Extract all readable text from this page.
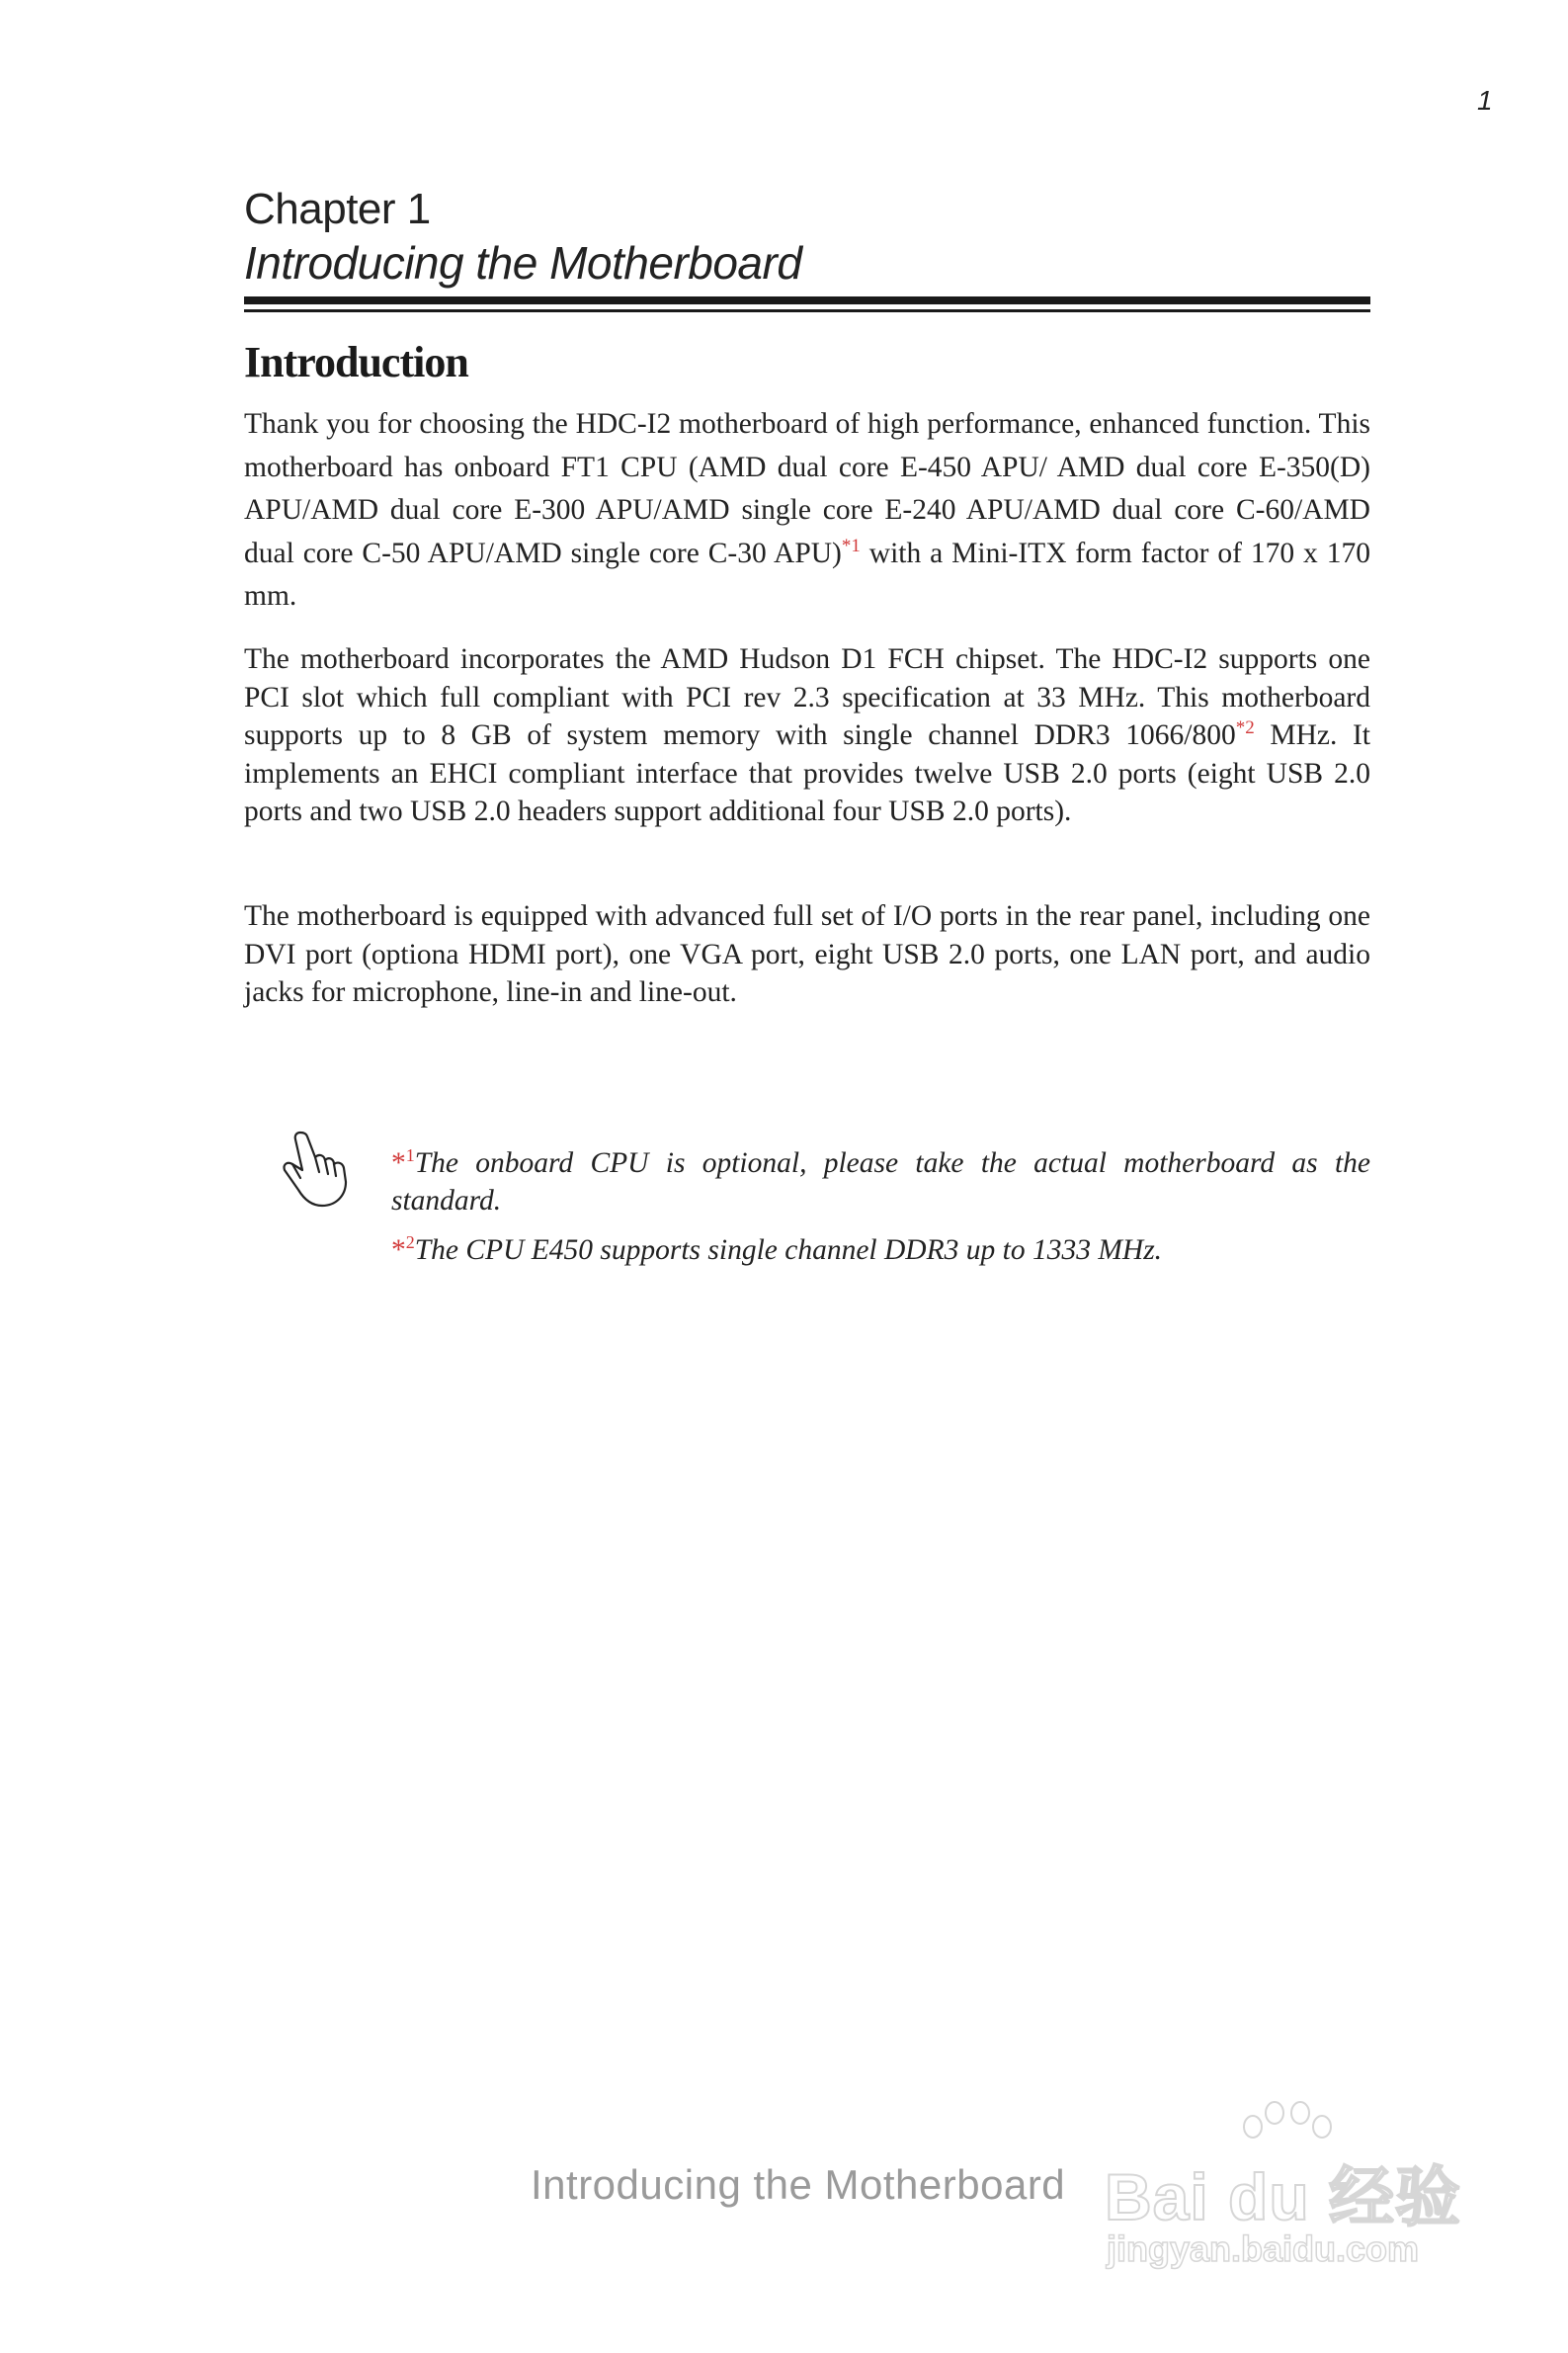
1
Chapter 1
Introducing the Motherboard
Introduction

Thank you for choosing the HDC-I2 motherboard of high performance, enhanced function. This motherboard has onboard FT1 CPU (AMD dual core E-450 APU/ AMD dual core E-350(D) APU/AMD dual core E-300 APU/AMD single core E-240 APU/AMD dual core C-60/AMD dual core C-50 APU/AMD single core C-30 APU)$^{*1}$ with a Mini-ITX form factor of 170 x 170 mm.

The motherboard incorporates the AMD Hudson D1 FCH chipset. The HDC-I2 supports one PCI slot which full compliant with PCI rev 2.3 specification at 33 MHz. This motherboard supports up to 8 GB of system memory with single channel DDR3 1066/800$^{*2}$ MHz. It implements an EHCI compliant interface that provides twelve USB 2.0 ports (eight USB 2.0 ports and two USB 2.0 headers support additional four USB 2.0 ports).

The motherboard is equipped with advanced full set of I/O ports in the rear panel, including one DVI port (optiona HDMI port), one VGA port, eight USB 2.0 ports, one LAN port, and audio jacks for microphone, line-in and line-out.

*$^1$The onboard CPU is optional, please take the actual motherboard as the standard.

*$^2$The CPU E450 supports single channel DDR3 up to 1333 MHz.

Introducing the Motherboard Bai du 经验
jingyan.baidu.com
